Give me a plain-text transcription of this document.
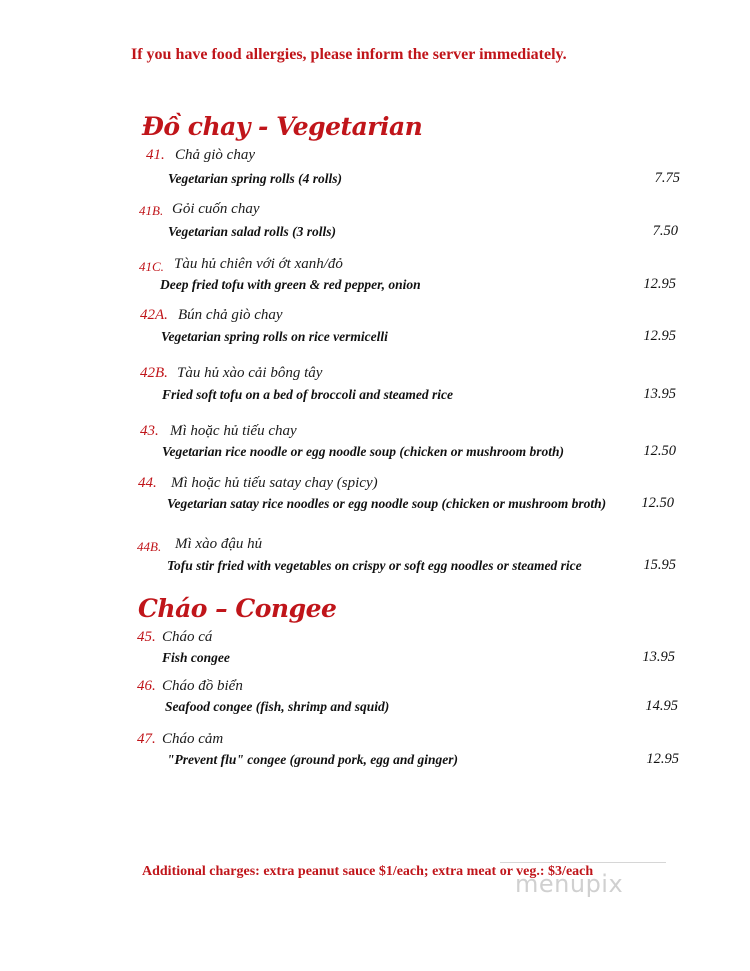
If you have food allergies, please inform the server immediately.
Đồ chay - Vegetarian
41. Chả giò chay
Vegetarian spring rolls (4 rolls)	7.75
41B. Gỏi cuốn chay
Vegetarian salad rolls (3 rolls)	7.50
41C. Tàu hủ chiên với ớt xanh/đỏ
Deep fried tofu with green & red pepper, onion	12.95
42A. Bún chả giò chay
Vegetarian spring rolls on rice vermicelli	12.95
42B. Tàu hủ xào cải bông tây
Fried soft tofu on a bed of broccoli and steamed rice	13.95
43. Mì hoặc hủ tiếu chay
Vegetarian rice noodle or egg noodle soup (chicken or mushroom broth)	12.50
44. Mì hoặc hủ tiếu satay chay (spicy)
Vegetarian satay rice noodles or egg noodle soup (chicken or mushroom broth)	12.50
44B. Mì xào đậu hủ
Tofu stir fried with vegetables on crispy or soft egg noodles or steamed rice	15.95
Cháo – Congee
45. Cháo cá
Fish congee	13.95
46. Cháo đồ biển
Seafood congee (fish, shrimp and squid)	14.95
47. Cháo cảm
"Prevent flu" congee (ground pork, egg and ginger)	12.95
Additional charges: extra peanut sauce $1/each; extra meat or veg.: $3/each
menupix
